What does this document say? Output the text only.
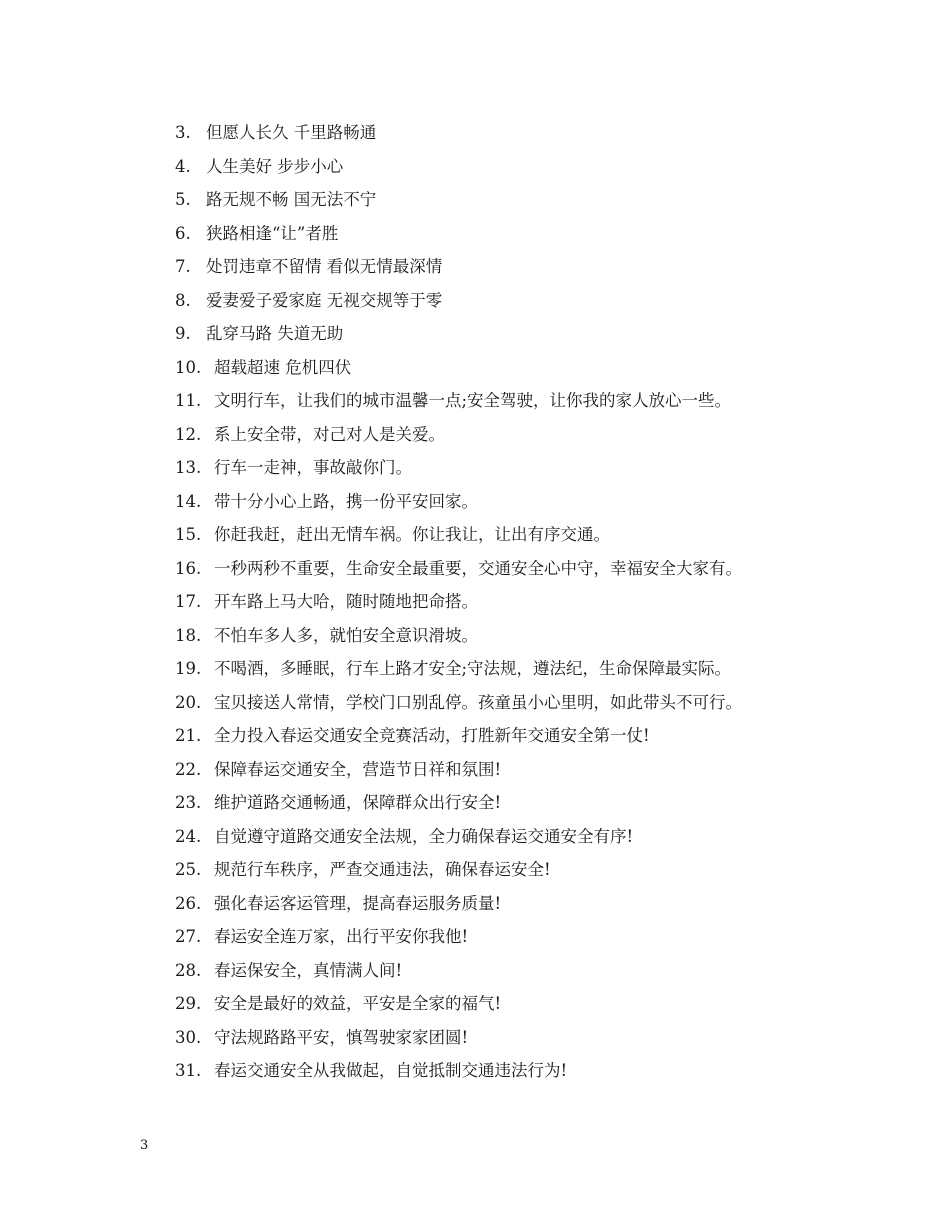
3. 但愿人长久 千里路畅通
4. 人生美好 步步小心
5. 路无规不畅 国无法不宁
6. 狭路相逢“让”者胜
7. 处罚违章不留情 看似无情最深情
8. 爱妻爱子爱家庭 无视交规等于零
9. 乱穿马路 失道无助
10. 超载超速 危机四伏
11. 文明行车，让我们的城市温馨一点;安全驾驶，让你我的家人放心一些。
12. 系上安全带，对己对人是关爱。
13. 行车一走神，事故敲你门。
14. 带十分小心上路，携一份平安回家。
15. 你赶我赶，赶出无情车祸。你让我让，让出有序交通。
16. 一秒两秒不重要，生命安全最重要，交通安全心中守，幸福安全大家有。
17. 开车路上马大哈，随时随地把命搭。
18. 不怕车多人多，就怕安全意识滑坡。
19. 不喝酒，多睡眠，行车上路才安全;守法规，遵法纪，生命保障最实际。
20. 宝贝接送人常情，学校门口别乱停。孩童虽小心里明，如此带头不可行。
21. 全力投入春运交通安全竞赛活动，打胜新年交通安全第一仗!
22. 保障春运交通安全，营造节日祥和氛围!
23. 维护道路交通畅通，保障群众出行安全!
24. 自觉遵守道路交通安全法规，全力确保春运交通安全有序!
25. 规范行车秩序，严查交通违法，确保春运安全!
26. 强化春运客运管理，提高春运服务质量!
27. 春运安全连万家，出行平安你我他!
28. 春运保安全，真情满人间!
29. 安全是最好的效益，平安是全家的福气!
30. 守法规路路平安，慎驾驶家家团圆!
31. 春运交通安全从我做起，自觉抵制交通违法行为!
3
